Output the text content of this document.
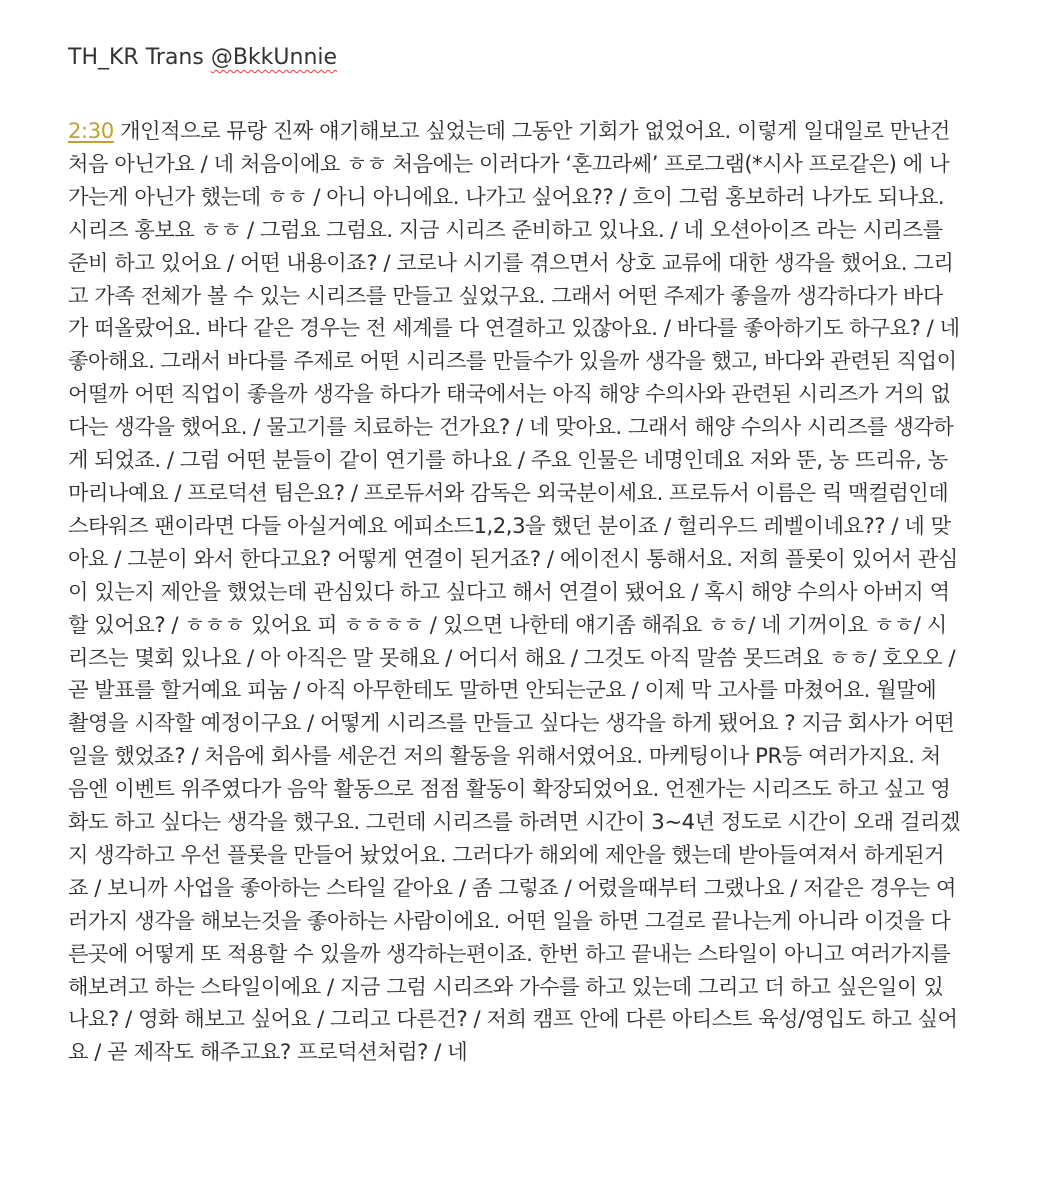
TH_KR Trans @BkkUnnie
2:30 개인적으로 뮤랑 진짜 얘기해보고 싶었는데 그동안 기회가 없었어요. 이렇게 일대일로 만난건
처음 아닌가요 / 네 처음이에요 ㅎㅎ 처음에는 이러다가 ‘혼끄라쎄’ 프로그램(*시사 프로같은) 에 나
가는게 아닌가 했는데 ㅎㅎ / 아니 아니에요. 나가고 싶어요?? / 흐이 그럼 홍보하러 나가도 되나요.
시리즈 홍보요 ㅎㅎ / 그럼요 그럼요. 지금 시리즈 준비하고 있나요. / 네 오션아이즈 라는 시리즈를
준비 하고 있어요 / 어떤 내용이죠? / 코로나 시기를 겪으면서 상호 교류에 대한 생각을 했어요. 그리
고 가족 전체가 볼 수 있는 시리즈를 만들고 싶었구요. 그래서 어떤 주제가 좋을까 생각하다가 바다
가 떠올랐어요. 바다 같은 경우는 전 세계를 다 연결하고 있잖아요. / 바다를 좋아하기도 하구요? / 네
좋아해요. 그래서 바다를 주제로 어떤 시리즈를 만들수가 있을까 생각을 했고, 바다와 관련된 직업이
어떨까 어떤 직업이 좋을까 생각을 하다가 태국에서는 아직 해양 수의사와 관련된 시리즈가 거의 없
다는 생각을 했어요. / 물고기를 치료하는 건가요? / 네 맞아요. 그래서 해양 수의사 시리즈를 생각하
게 되었죠. / 그럼 어떤 분들이 같이 연기를 하나요 / 주요 인물은 네명인데요 저와 뚠, 농 뜨리유, 농
마리나예요 / 프로덕션 팀은요? / 프로듀서와 감독은 외국분이세요. 프로듀서 이름은 릭 맥컬럼인데
스타워즈 팬이라면 다들 아실거예요 에피소드1,2,3을 했던 분이죠 / 헐리우드 레벨이네요?? / 네 맞
아요 / 그분이 와서 한다고요? 어떻게 연결이 된거죠? / 에이전시 통해서요. 저희 플롯이 있어서 관심
이 있는지 제안을 했었는데 관심있다 하고 싶다고 해서 연결이 됐어요 / 혹시 해양 수의사 아버지 역
할 있어요? / ㅎㅎㅎ 있어요 피 ㅎㅎㅎㅎ / 있으면 나한테 얘기좀 해줘요 ㅎㅎ/ 네 기꺼이요 ㅎㅎ/ 시
리즈는 몇회 있나요 / 아 아직은 말 못해요 / 어디서 해요 / 그것도 아직 말씀 못드려요 ㅎㅎ/ 호오오 /
곧 발표를 할거예요 피눔 / 아직 아무한테도 말하면 안되는군요 / 이제 막 고사를 마쳤어요. 월말에
촬영을 시작할 예정이구요 / 어떻게 시리즈를 만들고 싶다는 생각을 하게 됐어요 ? 지금 회사가 어떤
일을 했었죠? / 처음에 회사를 세운건 저의 활동을 위해서였어요. 마케팅이나 PR등 여러가지요. 처
음엔 이벤트 위주였다가 음악 활동으로 점점 활동이 확장되었어요. 언젠가는 시리즈도 하고 싶고 영
화도 하고 싶다는 생각을 했구요. 그런데 시리즈를 하려면 시간이 3~4년 정도로 시간이 오래 걸리겠
지 생각하고 우선 플롯을 만들어 놨었어요. 그러다가 해외에 제안을 했는데 받아들여져서 하게된거
죠 / 보니까 사업을 좋아하는 스타일 같아요 / 좀 그렇죠 / 어렸을때부터 그랬나요 / 저같은 경우는 여
러가지 생각을 해보는것을 좋아하는 사람이에요. 어떤 일을 하면 그걸로 끝나는게 아니라 이것을 다
른곳에 어떻게 또 적용할 수 있을까 생각하는편이죠. 한번 하고 끝내는 스타일이 아니고 여러가지를
해보려고 하는 스타일이에요 / 지금 그럼 시리즈와 가수를 하고 있는데 그리고 더 하고 싶은일이 있
나요? / 영화 해보고 싶어요 / 그리고 다른건? / 저희 캠프 안에 다른 아티스트 육성/영입도 하고 싶어
요 / 곧 제작도 해주고요? 프로덕션처럼? / 네
